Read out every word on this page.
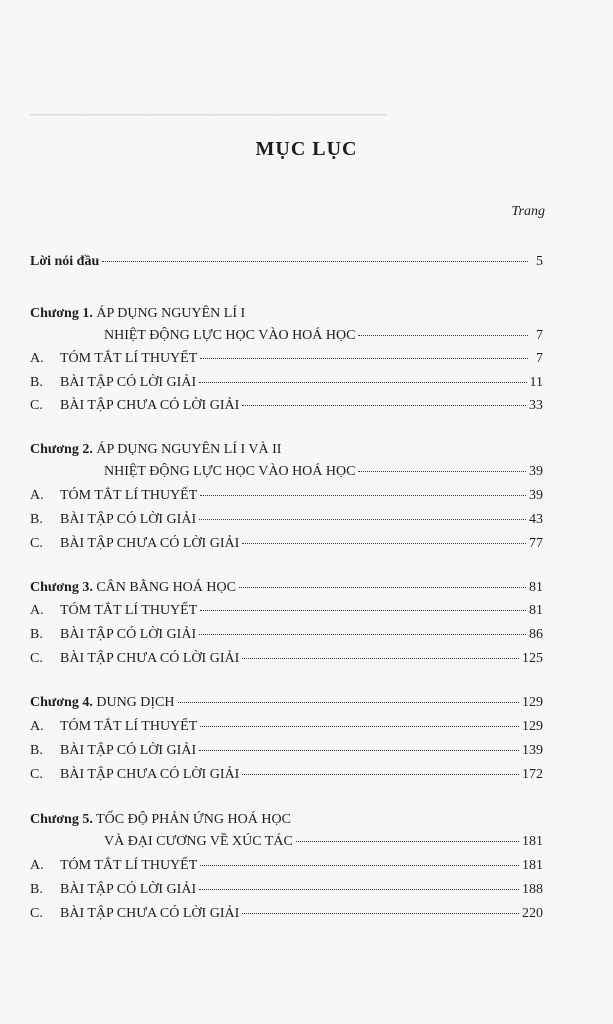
━━━━━━━━━━━━━━━━━━━━━━━━━━━━━━━━━━━━━━━━━━━━━━━━━━
MỤC LỤC
Trang
Lời nói đầu	5
Chương 1. ÁP DỤNG NGUYÊN LÍ I
NHIỆT ĐỘNG LỰC HỌC VÀO HOÁ HỌC	7
A. TÓM TẮT LÍ THUYẾT	7
B. BÀI TẬP CÓ LỜI GIẢI	11
C. BÀI TẬP CHƯA CÓ LỜI GIẢI	33
Chương 2. ÁP DỤNG NGUYÊN LÍ I VÀ II
NHIỆT ĐỘNG LỰC HỌC VÀO HOÁ HỌC	39
A. TÓM TẮT LÍ THUYẾT	39
B. BÀI TẬP CÓ LỜI GIẢI	43
C. BÀI TẬP CHƯA CÓ LỜI GIẢI	77
Chương 3. CÂN BẰNG HOÁ HỌC	81
A. TÓM TẮT LÍ THUYẾT	81
B. BÀI TẬP CÓ LỜI GIẢI	86
C. BÀI TẬP CHƯA CÓ LỜI GIẢI	125
Chương 4. DUNG DỊCH	129
A. TÓM TẮT LÍ THUYẾT	129
B. BÀI TẬP CÓ LỜI GIẢI	139
C. BÀI TẬP CHƯA CÓ LỜI GIẢI	172
Chương 5. TỐC ĐỘ PHẢN ỨNG HOÁ HỌC
VÀ ĐẠI CƯƠNG VỀ XÚC TÁC	181
A. TÓM TẮT LÍ THUYẾT	181
B. BÀI TẬP CÓ LỜI GIẢI	188
C. BÀI TẬP CHƯA CÓ LỜI GIẢI	220
